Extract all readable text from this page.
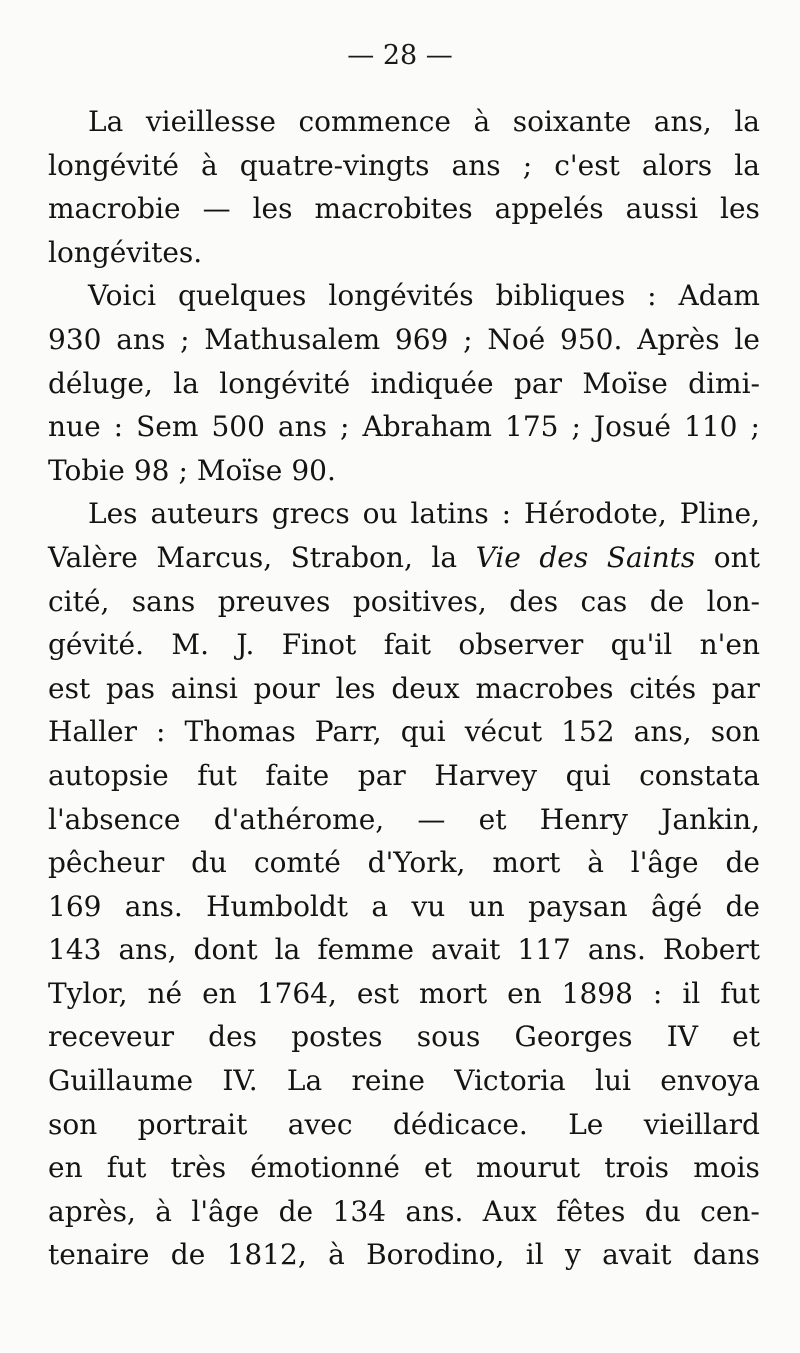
— 28 —
La vieillesse commence à soixante ans, la
longévité à quatre-vingts ans ; c'est alors la
macrobie — les macrobites appelés aussi les
longévites.
Voici quelques longévités bibliques : Adam
930 ans ; Mathusalem 969 ; Noé 950. Après le
déluge, la longévité indiquée par Moïse dimi-
nue : Sem 500 ans ; Abraham 175 ; Josué 110 ;
Tobie 98 ; Moïse 90.
Les auteurs grecs ou latins : Hérodote, Pline,
Valère Marcus, Strabon, la Vie des Saints ont
cité, sans preuves positives, des cas de lon-
gévité. M. J. Finot fait observer qu'il n'en
est pas ainsi pour les deux macrobes cités par
Haller : Thomas Parr, qui vécut 152 ans, son
autopsie fut faite par Harvey qui constata
l'absence d'athérome, — et Henry Jankin,
pêcheur du comté d'York, mort à l'âge de
169 ans. Humboldt a vu un paysan âgé de
143 ans, dont la femme avait 117 ans. Robert
Tylor, né en 1764, est mort en 1898 : il fut
receveur des postes sous Georges IV et
Guillaume IV. La reine Victoria lui envoya
son portrait avec dédicace. Le vieillard
en fut très émotionné et mourut trois mois
après, à l'âge de 134 ans. Aux fêtes du cen-
tenaire de 1812, à Borodino, il y avait dans
